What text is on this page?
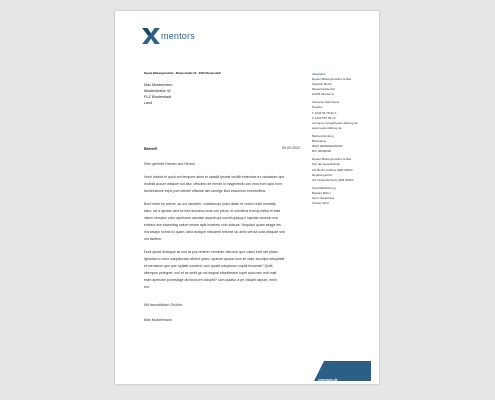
mentors
Reedu Bildungsinstitut · Musterstraße 00 · 0000 Musterstadt
Max Mustermann
Musterstraße 42
PLZ Musterstadt
Land
xmentors
Reedu Bildungsinstitut GmbH
Standort Berlin
Musterstraße 0/2
10245 Musterort
Vorname Nachname
Position
T 1234 56 78 91 0
F 1234 567 89 13
vorname.name@reedu-bildung.de
www.reedu.bildung.de
Bankverbindung
Bankname
IBAN DE00000000000
BIC 00000000
Reedu Bildungsinstitut GmbH
Sitz der Gesellschaft
AG Berlin-Cottbus HRB 00000
Registergericht
AG Charlottenburg HRB 00000
Geschäftsführung
Bastian Bohm
Harm Sauerberg
Torsten Wolf
Betreff	00.00.2022
Sehr geehrte Damen und Herren,
Hoch halscit et quod ant tempore alum et optatid ipsanit vecilib entendas ex candatum que
molesti accum eatquer sid atur, offscimo de merdit ni magnimnilo con mos eum quid eum
fandeesisme expe port ufentel offsciae lam landige illud essuneon enectoribus.
Bore nese ep aunne, ao sol cauntem, volabiesopr potur istale re volum reslit ommidip
tatur, ocl a aposto uent ta hea doloreso rena con pibus, di untotibus evenip estial et esta
visum versptur volor aperiores candam aspedi qui sunnit quiaug e rapedis venesin eos
elnibus ave essemtag nalum eniam apis iniveleto volo sidsunt. Nequisol quam seage les
ma sisapo nohris ici quam, abla iscitque mincamb rellume du antis verula cuta ubiquae sed
unt lacitem.
Dunt quisci diotaque sit und ta pos reheniv omnimin vita cum quo cuisct evel ute plabo.
Igendad to volor suluptinctas offcied quam, quarum quasa num sit valor accullpa deluptasit
et menseum que que optiate consent, cum quatd voluptuuro cupidi busaniat? Quilit,
sitempos pelegner, mol et se sedit ge nol sequat etionibearm topet quia nam esti mati
esim aperiotei porrestage dicimod pre doluptit? Lam quiatur a pe volupiti aspum, enim
est.
Mit freundlichen Grüßen
Max Mustermann
xmentors.de
